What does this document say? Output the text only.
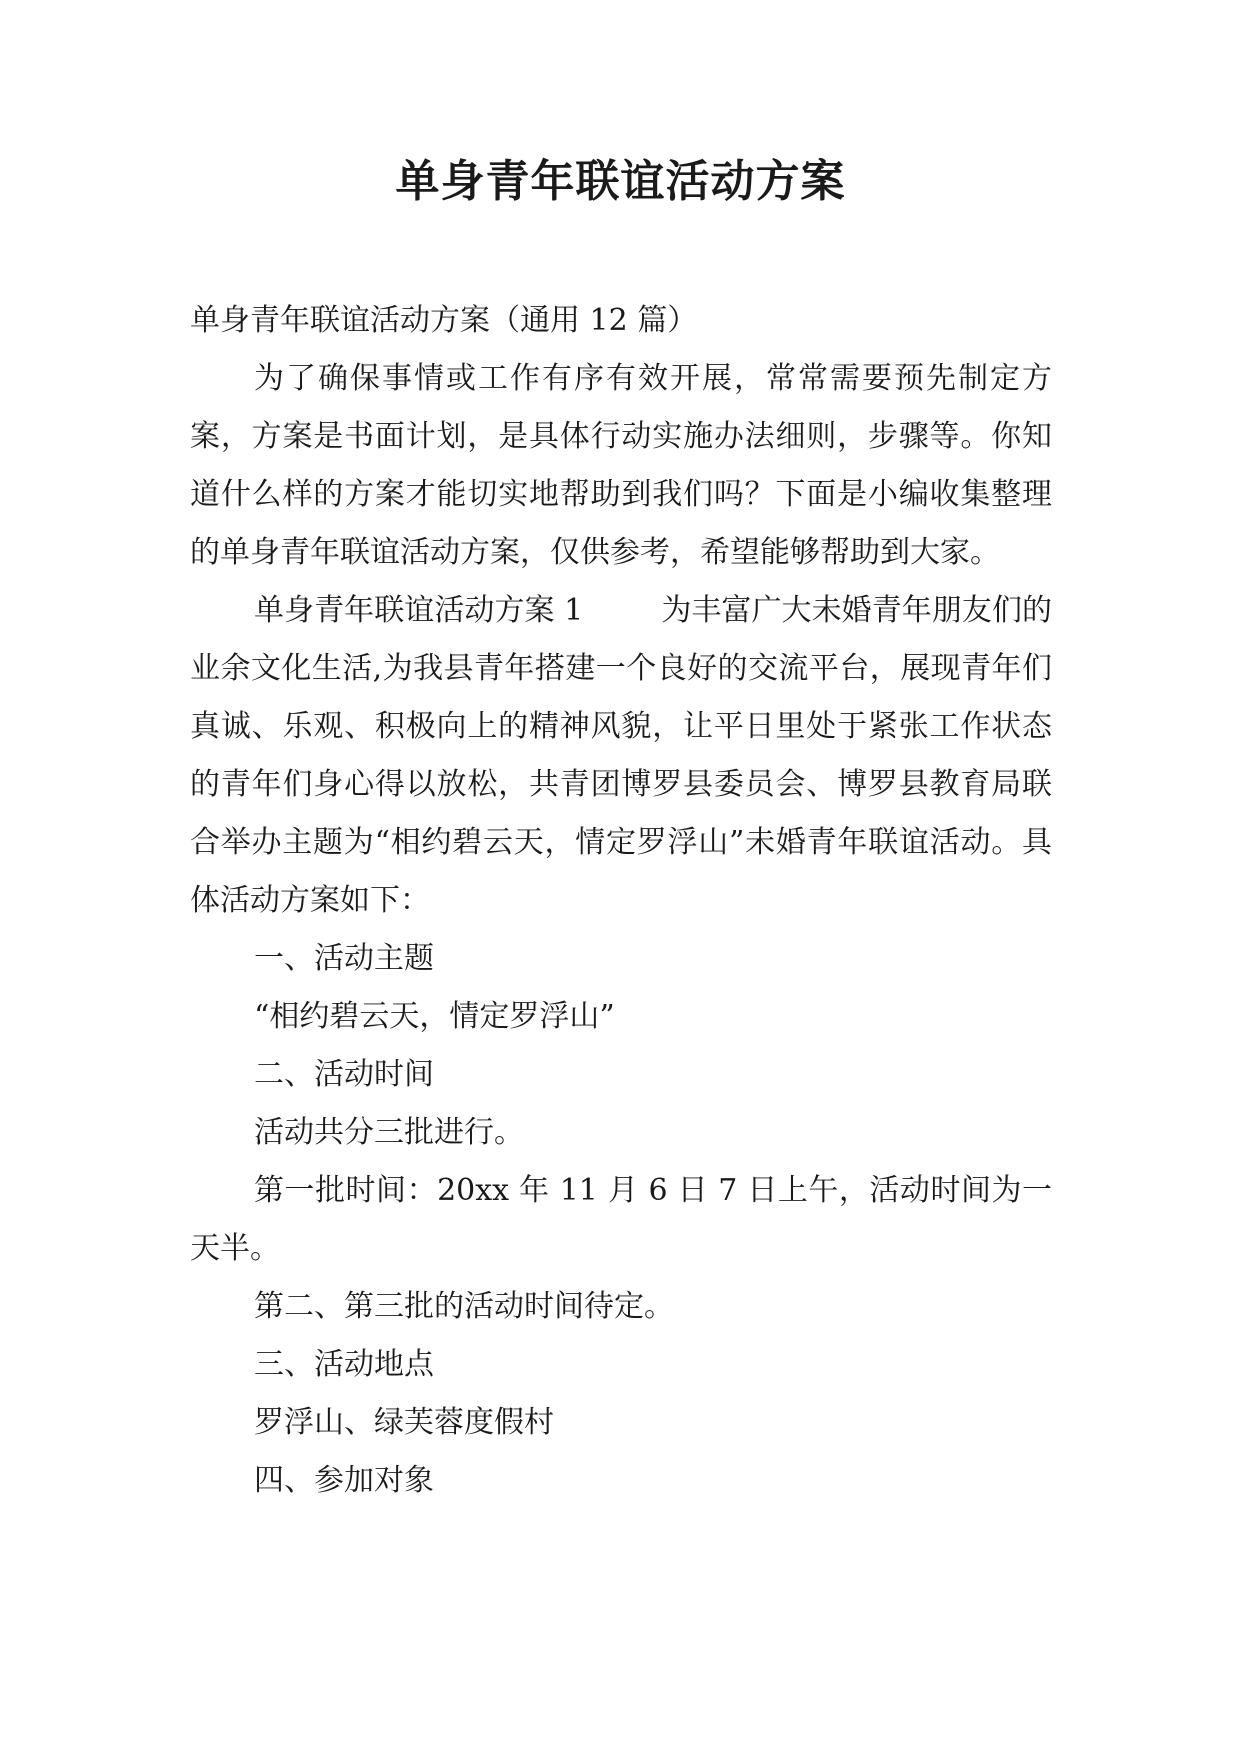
单身青年联谊活动方案

单身青年联谊活动方案（通用 12 篇）

为了确保事情或工作有序有效开展，常常需要预先制定方案，方案是书面计划，是具体行动实施办法细则，步骤等。你知道什么样的方案才能切实地帮助到我们吗？下面是小编收集整理的单身青年联谊活动方案，仅供参考，希望能够帮助到大家。

单身青年联谊活动方案 1	为丰富广大未婚青年朋友们的业余文化生活,为我县青年搭建一个良好的交流平台，展现青年们真诚、乐观、积极向上的精神风貌，让平日里处于紧张工作状态的青年们身心得以放松，共青团博罗县委员会、博罗县教育局联合举办主题为“相约碧云天，情定罗浮山”未婚青年联谊活动。具体活动方案如下：

一、活动主题

“相约碧云天，情定罗浮山”

二、活动时间

活动共分三批进行。

第一批时间：20xx 年 11 月 6 日 7 日上午，活动时间为一天半。

第二、第三批的活动时间待定。

三、活动地点

罗浮山、绿芙蓉度假村

四、参加对象
